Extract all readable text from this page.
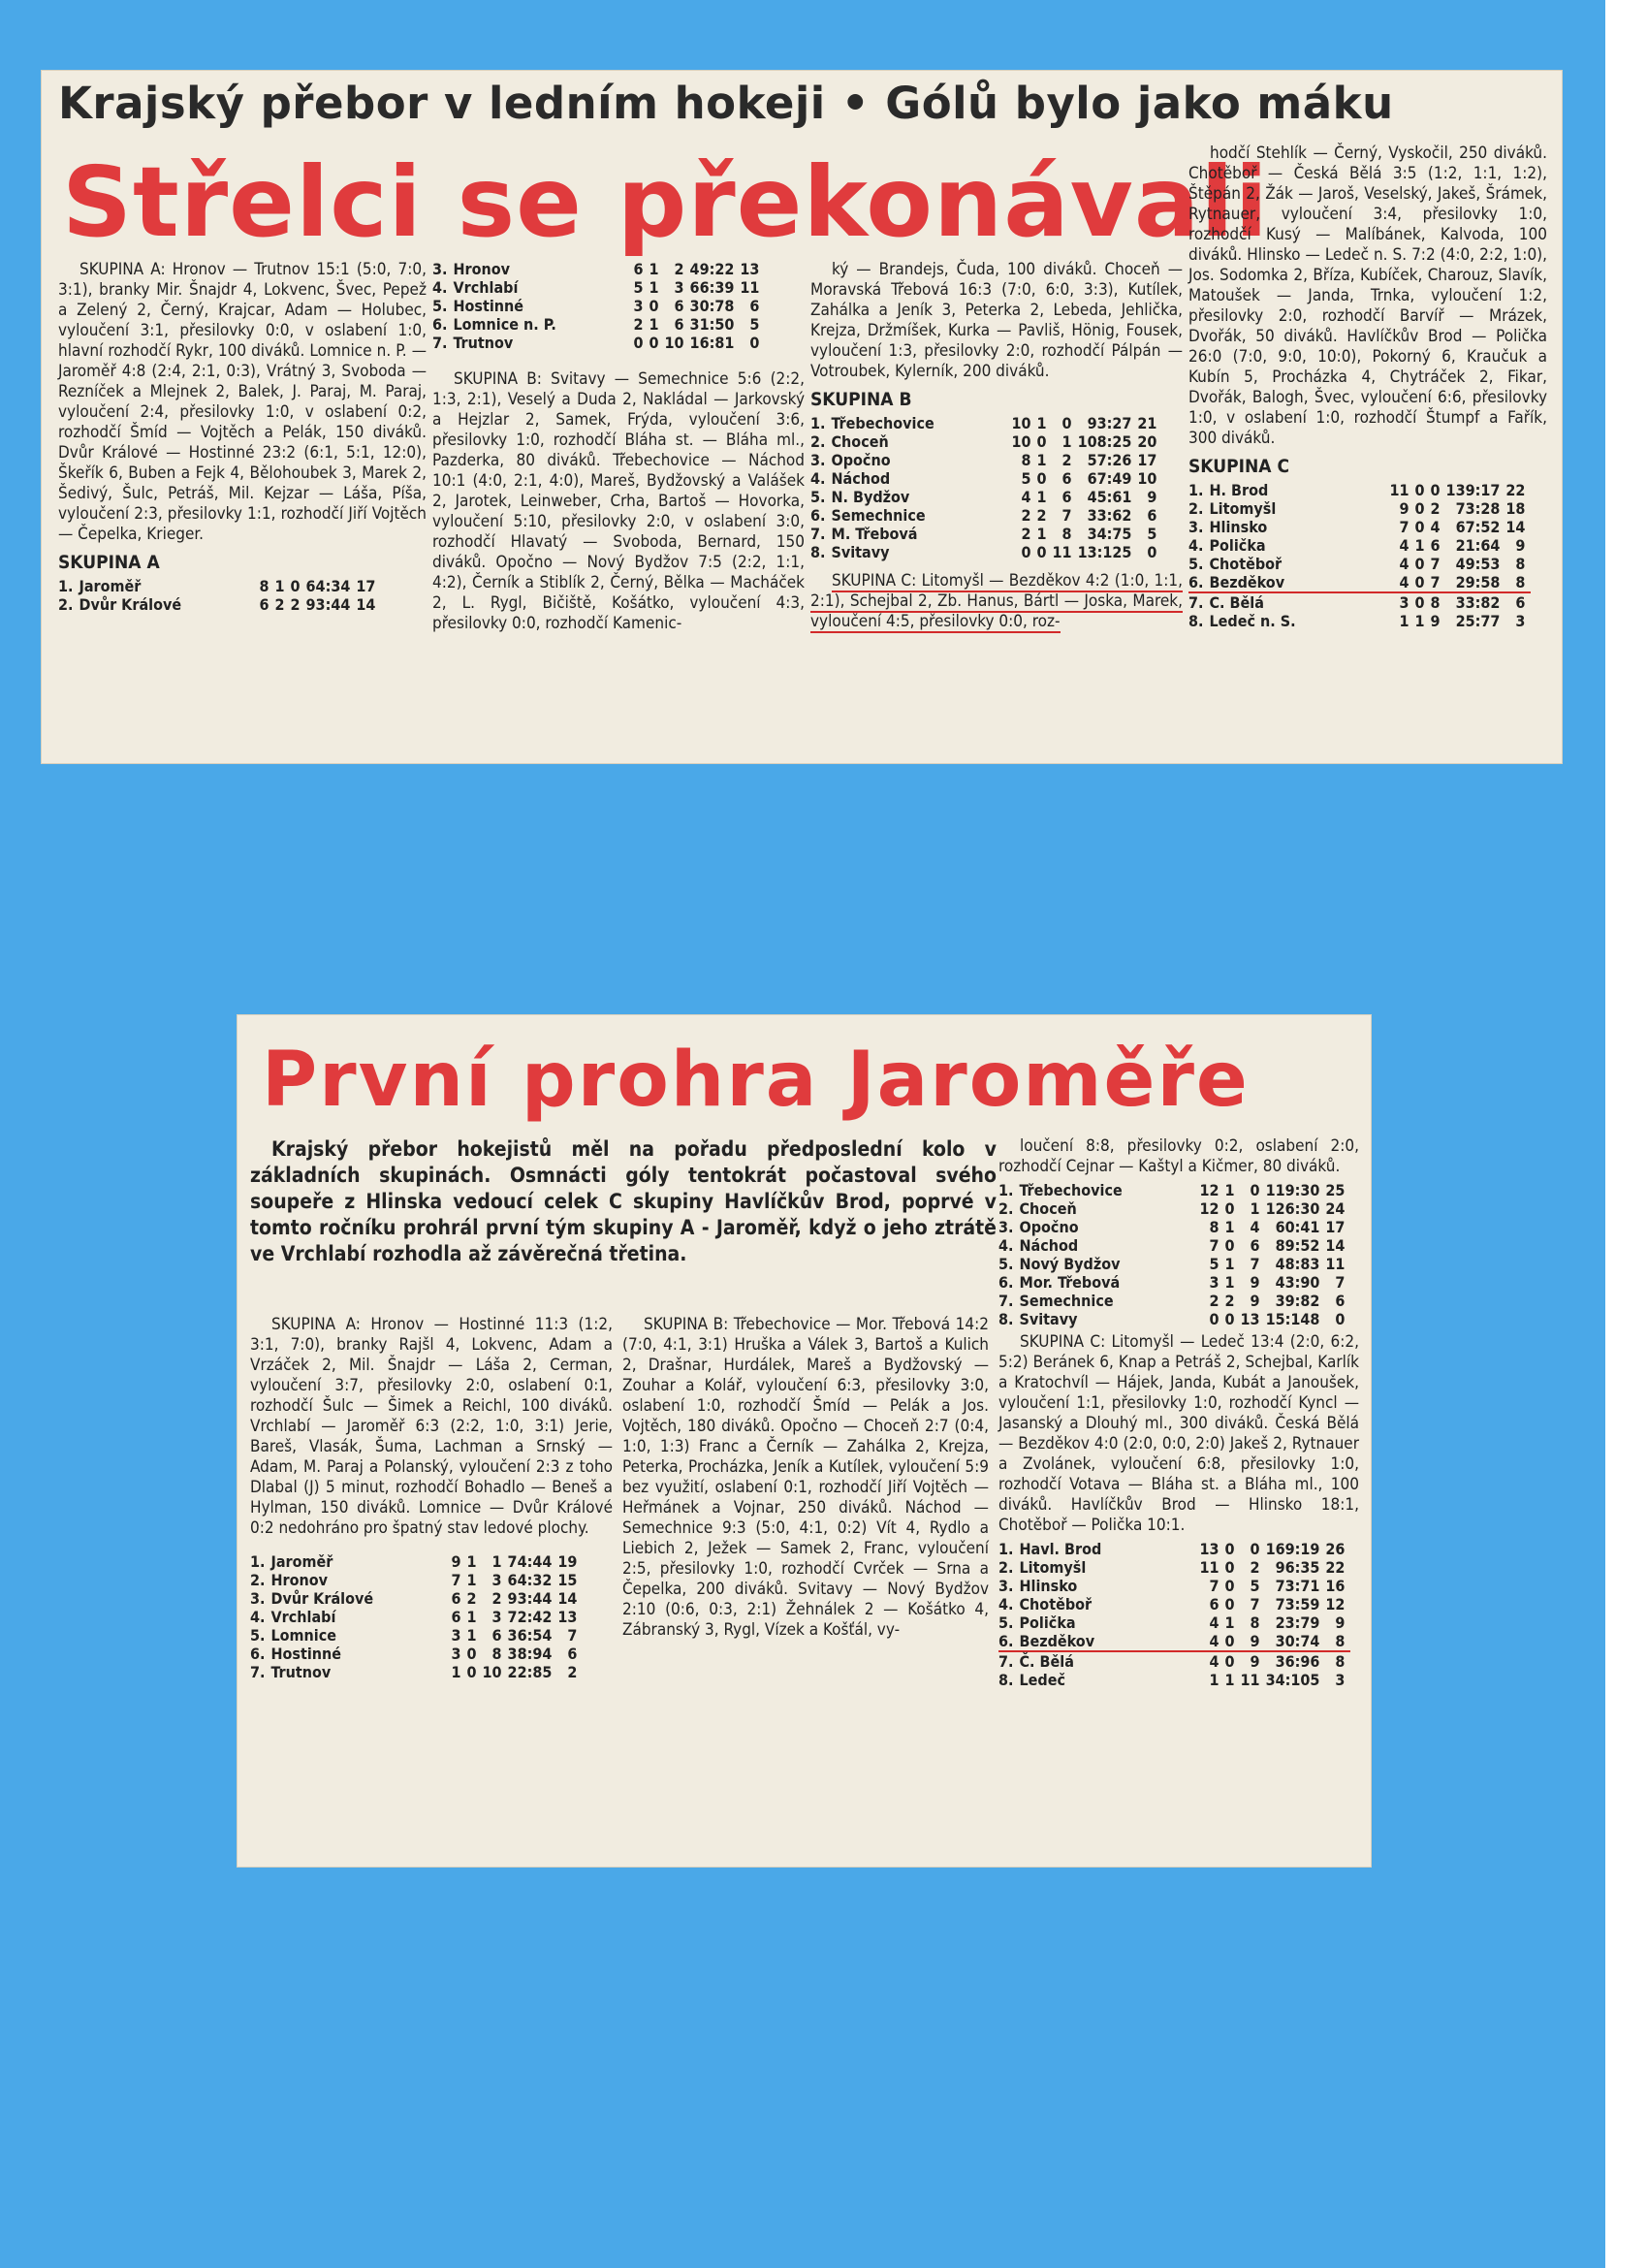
Krajský přebor v ledním hokeji • Gólů bylo jako máku
Střelci se překonávali

SKUPINA A: Hronov — Trutnov 15:1 (5:0, 7:0, 3:1), branky Mir. Šnajdr 4, Lokvenc, Švec, Pepež a Zelený 2, Černý, Krajcar, Adam — Holubec, vyloučení 3:1, přesilovky 0:0, v oslabení 1:0, hlavní rozhodčí Rykr, 100 diváků. Lomnice n. P. — Jaroměř 4:8 (2:4, 2:1, 0:3), Vrátný 3, Svoboda — Rezníček a Mlejnek 2, Balek, J. Paraj, M. Paraj, vyloučení 2:4, přesilovky 1:0, v oslabení 0:2, rozhodčí Šmíd — Vojtěch a Pelák, 150 diváků. Dvůr Králové — Hostinné 23:2 (6:1, 5:1, 12:0), Škeřík 6, Buben a Fejk 4, Bělohoubek 3, Marek 2, Šedivý, Šulc, Petráš, Mil. Kejzar — Láša, Píša, vyloučení 2:3, přesilovky 1:1, rozhodčí Jiří Vojtěch — Čepelka, Krieger.

SKUPINA A
1.	Jaroměř	8	1	0	64:34	17
2.	Dvůr Králové	6	2	2	93:44	14
3.	Hronov	6	1	2	49:22	13
4.	Vrchlabí	5	1	3	66:39	11
5.	Hostinné	3	0	6	30:78	6
6.	Lomnice n. P.	2	1	6	31:50	5
7.	Trutnov	0	0	10	16:81	0

SKUPINA B: Svitavy — Semechnice 5:6 (2:2, 1:3, 2:1), Veselý a Duda 2, Nakládal — Jarkovský a Hejzlar 2, Samek, Frýda, vyloučení 3:6, přesilovky 1:0, rozhodčí Bláha st. — Bláha ml., Pazderka, 80 diváků. Třebechovice — Náchod 10:1 (4:0, 2:1, 4:0), Mareš, Bydžovský a Valášek 2, Jarotek, Leinweber, Crha, Bartoš — Hovorka, vyloučení 5:10, přesilovky 2:0, v oslabení 3:0, rozhodčí Hlavatý — Svoboda, Bernard, 150 diváků. Opočno — Nový Bydžov 7:5 (2:2, 1:1, 4:2), Černík a Stiblík 2, Černý, Bělka — Macháček 2, L. Rygl, Bičiště, Košátko, vyloučení 4:3, přesilovky 0:0, rozhodčí Kamenic-

ký — Brandejs, Čuda, 100 diváků. Choceň — Moravská Třebová 16:3 (7:0, 6:0, 3:3), Kutílek, Zahálka a Jeník 3, Peterka 2, Lebeda, Jehlička, Krejza, Držmíšek, Kurka — Pavliš, Hönig, Fousek, vyloučení 1:3, přesilovky 2:0, rozhodčí Pálpán — Votroubek, Kylerník, 200 diváků.

SKUPINA B
1.	Třebechovice	10	1	0	93:27	21
2.	Choceň	10	0	1	108:25	20
3.	Opočno	8	1	2	57:26	17
4.	Náchod	5	0	6	67:49	10
5.	N. Bydžov	4	1	6	45:61	9
6.	Semechnice	2	2	7	33:62	6
7.	M. Třebová	2	1	8	34:75	5
8.	Svitavy	0	0	11	13:125	0

SKUPINA C: Litomyšl — Bezděkov 4:2 (1:0, 1:1, 2:1), Schejbal 2, Zb. Hanus, Bártl — Joska, Marek, vyloučení 4:5, přesilovky 0:0, roz-

hodčí Stehlík — Černý, Vyskočil, 250 diváků. Chotěboř — Česká Bělá 3:5 (1:2, 1:1, 1:2), Štěpán 2, Žák — Jaroš, Veselský, Jakeš, Šrámek, Rytnauer, vyloučení 3:4, přesilovky 1:0, rozhodčí Kusý — Malíbánek, Kalvoda, 100 diváků. Hlinsko — Ledeč n. S. 7:2 (4:0, 2:2, 1:0), Jos. Sodomka 2, Bříza, Kubíček, Charouz, Slavík, Matoušek — Janda, Trnka, vyloučení 1:2, přesilovky 2:0, rozhodčí Barvíř — Mrázek, Dvořák, 50 diváků. Havlíčkův Brod — Polička 26:0 (7:0, 9:0, 10:0), Pokorný 6, Kraučuk a Kubín 5, Procházka 4, Chytráček 2, Fikar, Dvořák, Balogh, Švec, vyloučení 6:6, přesilovky 1:0, v oslabení 1:0, rozhodčí Štumpf a Fařík, 300 diváků.

SKUPINA C
1.	H. Brod	11	0	0	139:17	22
2.	Litomyšl	9	0	2	73:28	18
3.	Hlinsko	7	0	4	67:52	14
4.	Polička	4	1	6	21:64	9
5.	Chotěboř	4	0	7	49:53	8
6.	Bezděkov	4	0	7	29:58	8
7.	C. Bělá	3	0	8	33:82	6
8.	Ledeč n. S.	1	1	9	25:77	3
První prohra Jaroměře

Krajský přebor hokejistů měl na pořadu předposlední kolo v základních skupinách. Osmnácti góly tentokrát počastoval svého soupeře z Hlinska vedoucí celek C skupiny Havlíčkův Brod, poprvé v tomto ročníku prohrál první tým skupiny A - Jaroměř, když o jeho ztrátě ve Vrchlabí rozhodla až závěrečná třetina.

SKUPINA A: Hronov — Hostinné 11:3 (1:2, 3:1, 7:0), branky Rajšl 4, Lokvenc, Adam a Vrzáček 2, Mil. Šnajdr — Láša 2, Cerman, vyloučení 3:7, přesilovky 2:0, oslabení 0:1, rozhodčí Šulc — Šimek a Reichl, 100 diváků. Vrchlabí — Jaroměř 6:3 (2:2, 1:0, 3:1) Jerie, Bareš, Vlasák, Šuma, Lachman a Srnský — Adam, M. Paraj a Polanský, vyloučení 2:3 z toho Dlabal (J) 5 minut, rozhodčí Bohadlo — Beneš a Hylman, 150 diváků. Lomnice — Dvůr Králové 0:2 nedohráno pro špatný stav ledové plochy.

1.	Jaroměř	9	1	1	74:44	19
2.	Hronov	7	1	3	64:32	15
3.	Dvůr Králové	6	2	2	93:44	14
4.	Vrchlabí	6	1	3	72:42	13
5.	Lomnice	3	1	6	36:54	7
6.	Hostinné	3	0	8	38:94	6
7.	Trutnov	1	0	10	22:85	2

SKUPINA B: Třebechovice — Mor. Třebová 14:2 (7:0, 4:1, 3:1) Hruška a Válek 3, Bartoš a Kulich 2, Drašnar, Hurdálek, Mareš a Bydžovský — Zouhar a Kolář, vyloučení 6:3, přesilovky 3:0, oslabení 1:0, rozhodčí Šmíd — Pelák a Jos. Vojtěch, 180 diváků. Opočno — Choceň 2:7 (0:4, 1:0, 1:3) Franc a Černík — Zahálka 2, Krejza, Peterka, Procházka, Jeník a Kutílek, vyloučení 5:9 bez využití, oslabení 0:1, rozhodčí Jiří Vojtěch — Heřmánek a Vojnar, 250 diváků. Náchod — Semechnice 9:3 (5:0, 4:1, 0:2) Vít 4, Rydlo a Liebich 2, Ježek — Samek 2, Franc, vyloučení 2:5, přesilovky 1:0, rozhodčí Cvrček — Srna a Čepelka, 200 diváků. Svitavy — Nový Bydžov 2:10 (0:6, 0:3, 2:1) Žehnálek 2 — Košátko 4, Zábranský 3, Rygl, Vízek a Košťál, vy-

loučení 8:8, přesilovky 0:2, oslabení 2:0, rozhodčí Cejnar — Kaštyl a Kičmer, 80 diváků.

1.	Třebechovice	12	1	0	119:30	25
2.	Choceň	12	0	1	126:30	24
3.	Opočno	8	1	4	60:41	17
4.	Náchod	7	0	6	89:52	14
5.	Nový Bydžov	5	1	7	48:83	11
6.	Mor. Třebová	3	1	9	43:90	7
7.	Semechnice	2	2	9	39:82	6
8.	Svitavy	0	0	13	15:148	0

SKUPINA C: Litomyšl — Ledeč 13:4 (2:0, 6:2, 5:2) Beránek 6, Knap a Petráš 2, Schejbal, Karlík a Kratochvíl — Hájek, Janda, Kubát a Janoušek, vyloučení 1:1, přesilovky 1:0, rozhodčí Kyncl — Jasanský a Dlouhý ml., 300 diváků. Česká Bělá — Bezděkov 4:0 (2:0, 0:0, 2:0) Jakeš 2, Rytnauer a Zvolánek, vyloučení 6:8, přesilovky 1:0, rozhodčí Votava — Bláha st. a Bláha ml., 100 diváků. Havlíčkův Brod — Hlinsko 18:1, Chotěboř — Polička 10:1.

1.	Havl. Brod	13	0	0	169:19	26
2.	Litomyšl	11	0	2	96:35	22
3.	Hlinsko	7	0	5	73:71	16
4.	Chotěboř	6	0	7	73:59	12
5.	Polička	4	1	8	23:79	9
6.	Bezděkov	4	0	9	30:74	8
7.	Č. Bělá	4	0	9	36:96	8
8.	Ledeč	1	1	11	34:105	3
